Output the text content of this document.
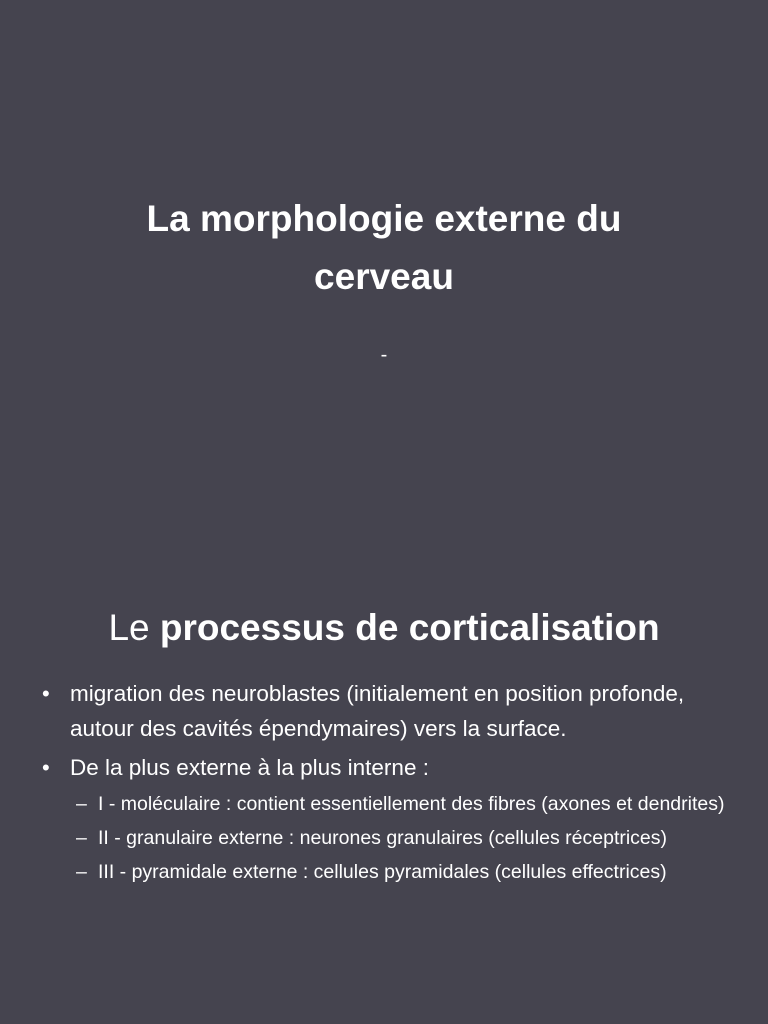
La morphologie externe du
cerveau
-
Le processus de corticalisation
• migration des neuroblastes (initialement en position profonde, autour des cavités épendymaires) vers la surface.
• De la plus externe à la plus interne :
– I - moléculaire : contient essentiellement des fibres (axones et dendrites)
– II - granulaire externe : neurones granulaires (cellules réceptrices)
– III - pyramidale externe : cellules pyramidales (cellules effectrices)
